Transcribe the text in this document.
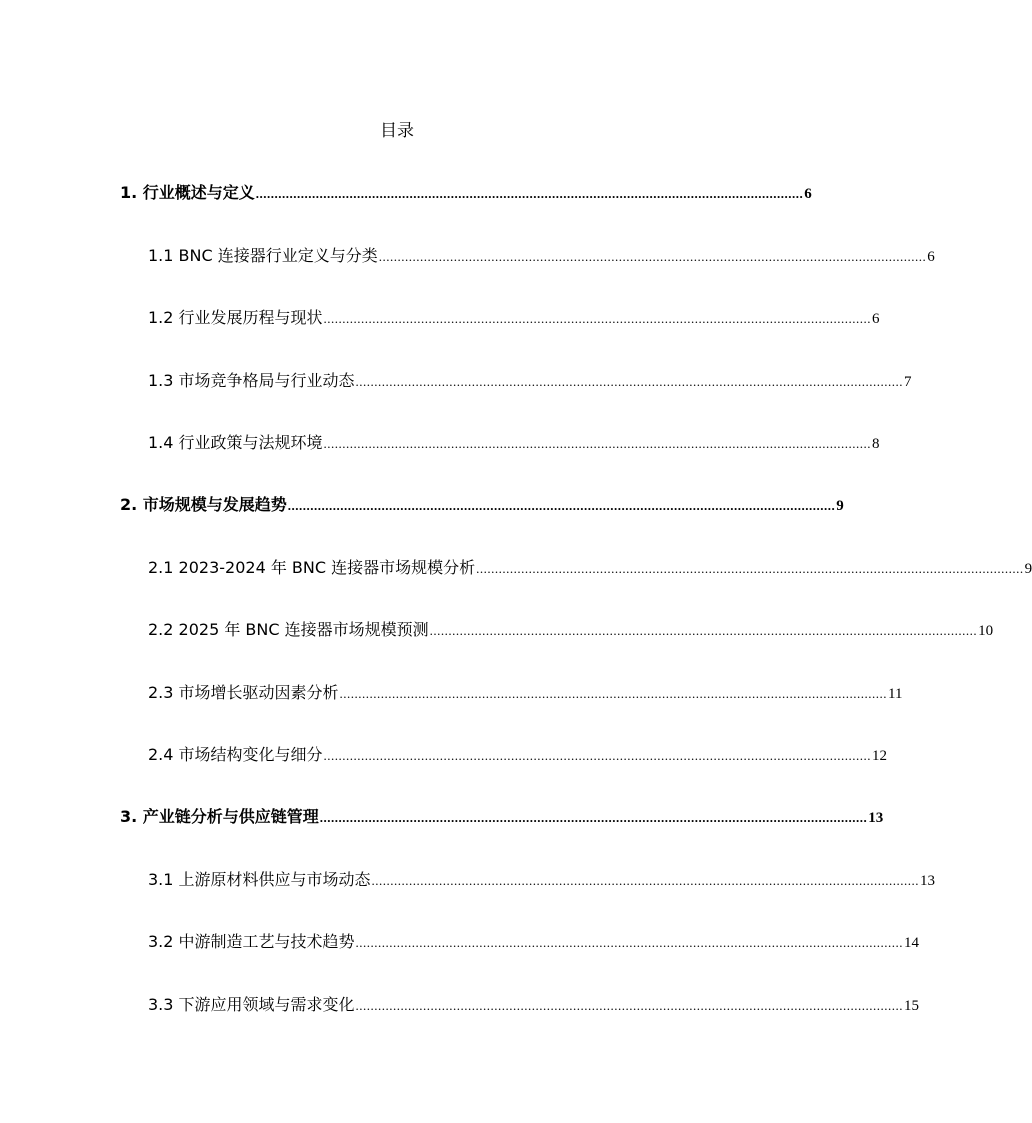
目录
1. 行业概述与定义 .................................................................................................................................................. 6
1.1 BNC 连接器行业定义与分类 .................................................................................................................................................. 6
1.2 行业发展历程与现状 .................................................................................................................................................. 6
1.3 市场竞争格局与行业动态 .................................................................................................................................................. 7
1.4 行业政策与法规环境 .................................................................................................................................................. 8
2. 市场规模与发展趋势 .................................................................................................................................................. 9
2.1 2023-2024 年 BNC 连接器市场规模分析 .................................................................................................................................................. 9
2.2 2025 年 BNC 连接器市场规模预测 .................................................................................................................................................. 10
2.3 市场增长驱动因素分析 .................................................................................................................................................. 11
2.4 市场结构变化与细分 .................................................................................................................................................. 12
3. 产业链分析与供应链管理 .................................................................................................................................................. 13
3.1 上游原材料供应与市场动态 .................................................................................................................................................. 13
3.2 中游制造工艺与技术趋势 .................................................................................................................................................. 14
3.3 下游应用领域与需求变化 .................................................................................................................................................. 15
